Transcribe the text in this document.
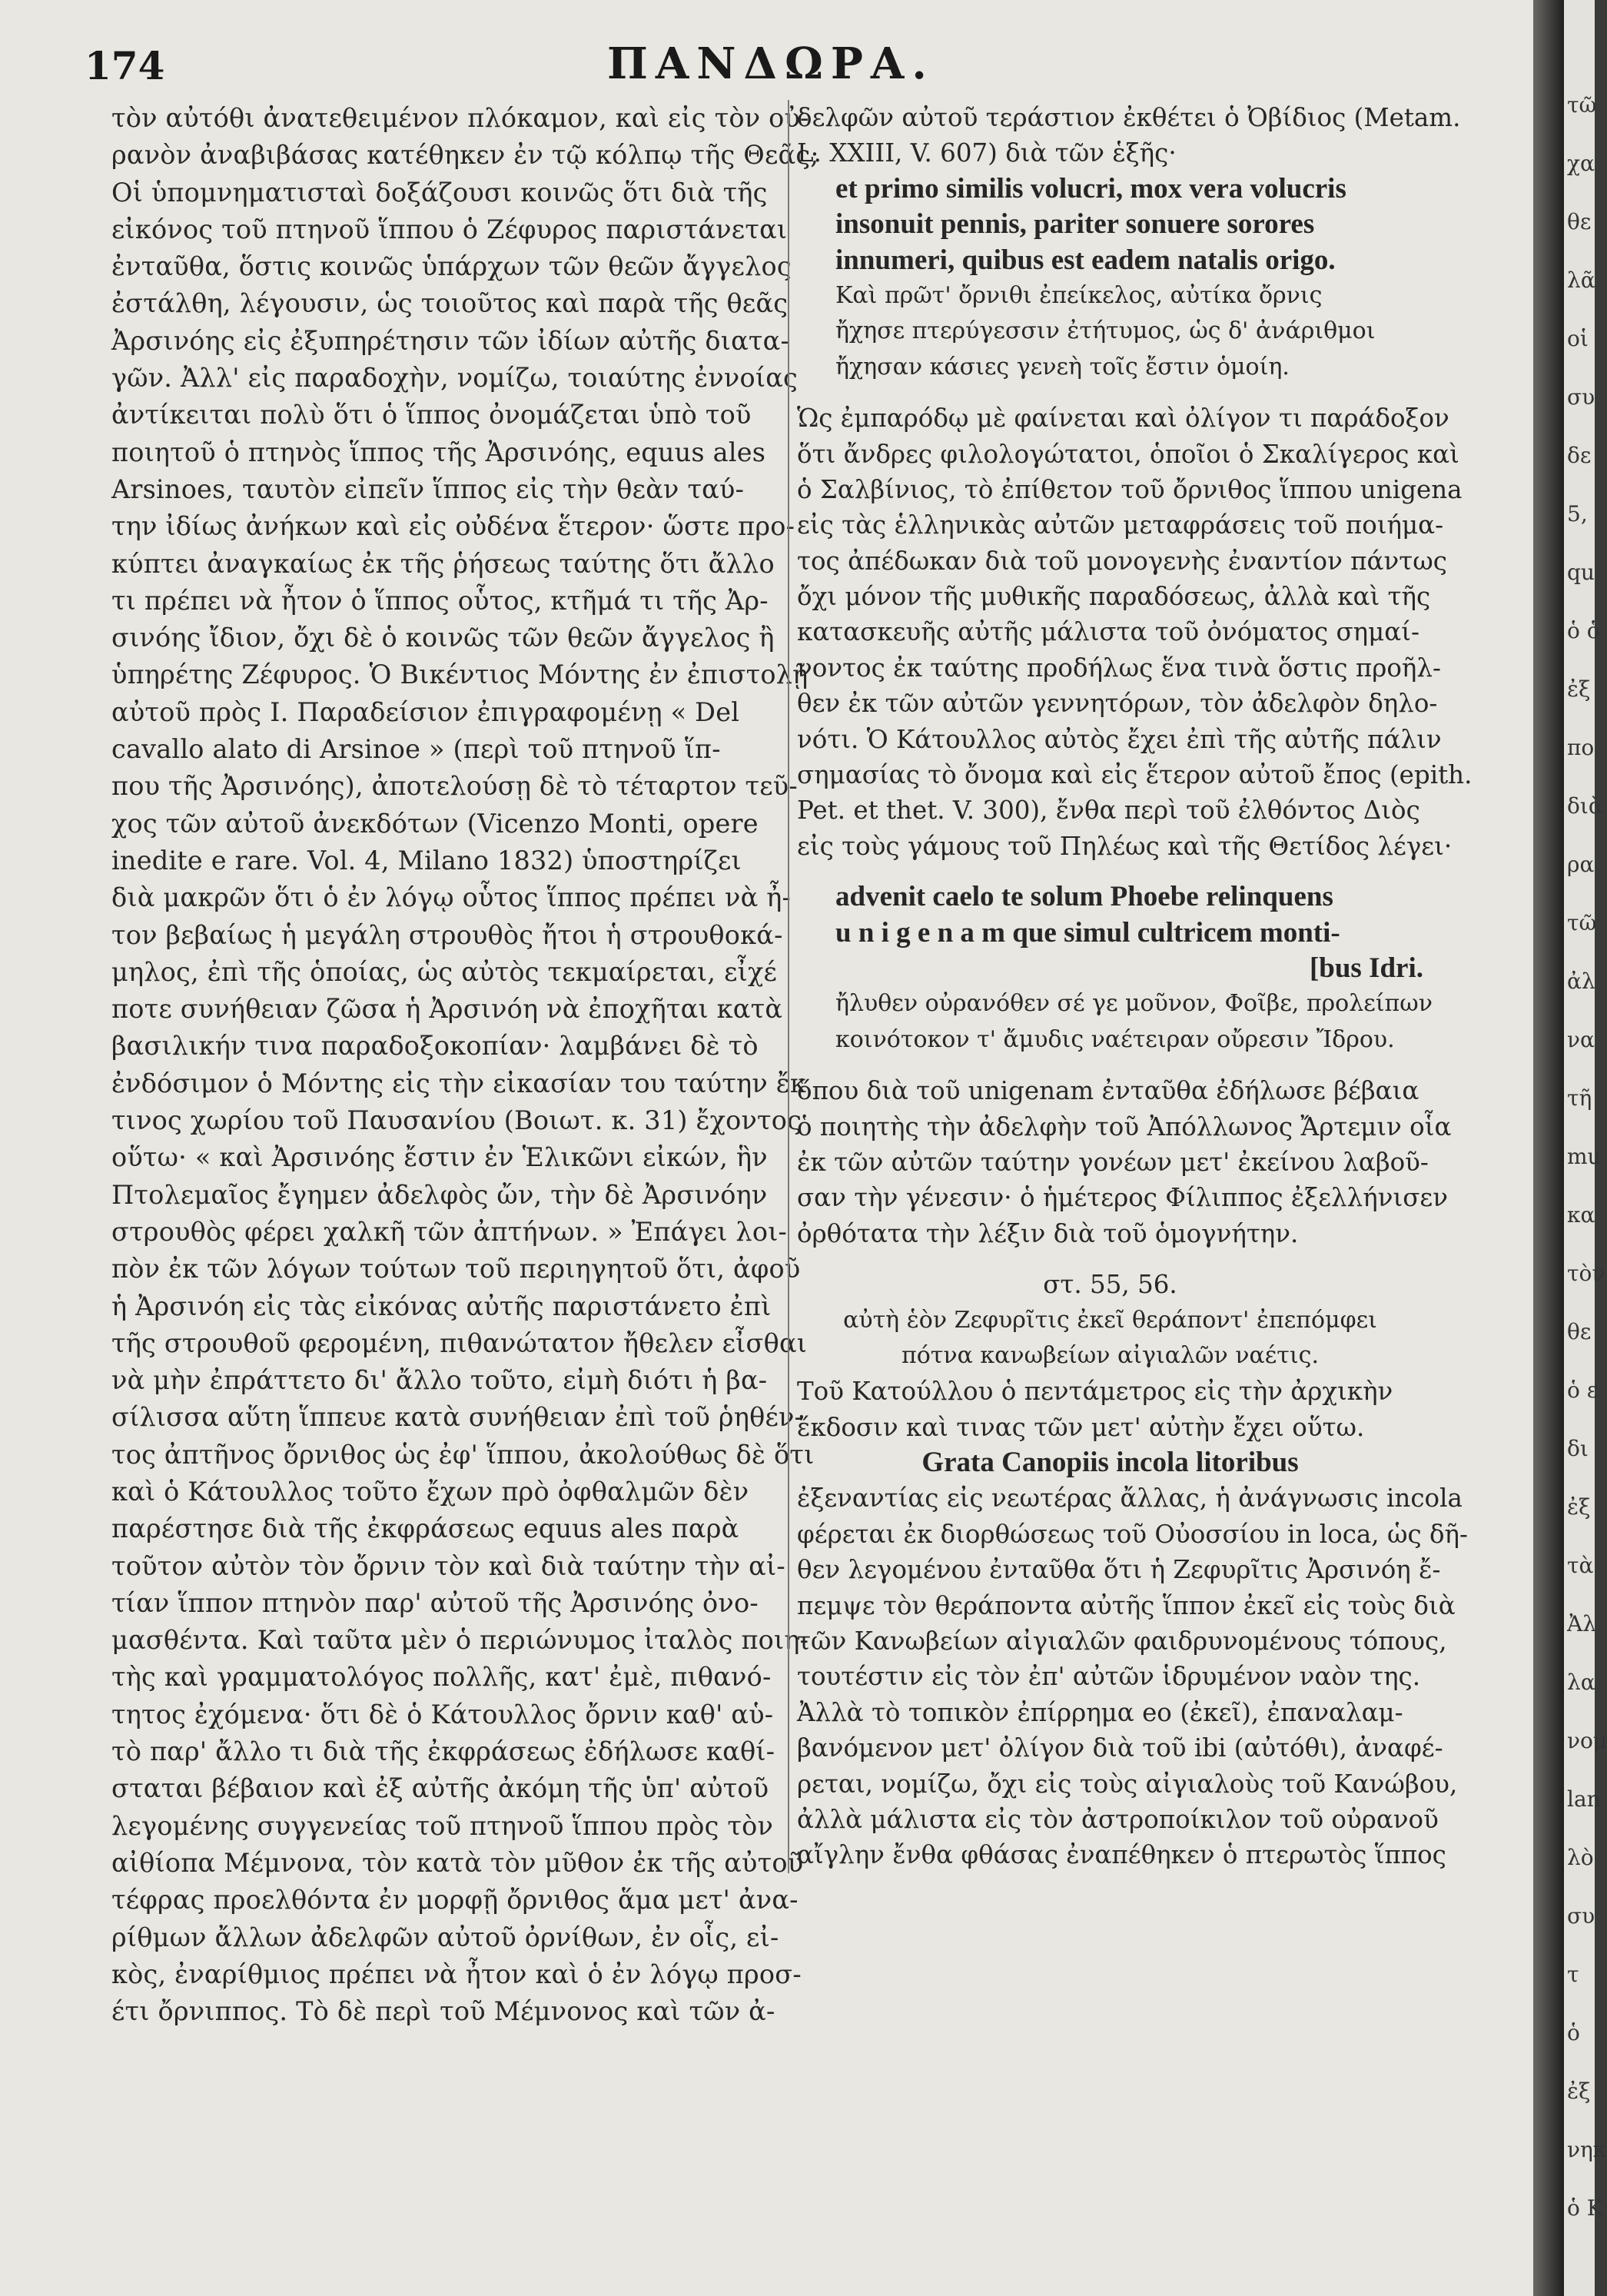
174	ΠΑΝΔΩΡΑ.
τὸν αὐτόθι ἀνατεθειμένον πλόκαμον, καὶ εἰς τὸν οὐ-
ρανὸν ἀναβιβάσας κατέθηκεν ἐν τῷ κόλπῳ τῆς Θεᾶς;
Οἱ ὑπομνηματισταὶ δοξάζουσι κοινῶς ὅτι διὰ τῆς
εἰκόνος τοῦ πτηνοῦ ἵππου ὁ Ζέφυρος παριστάνεται
ἐνταῦθα, ὅστις κοινῶς ὑπάρχων τῶν θεῶν ἄγγελος
ἐστάλθη, λέγουσιν, ὡς τοιοῦτος καὶ παρὰ τῆς θεᾶς
Ἀρσινόης εἰς ἐξυπηρέτησιν τῶν ἰδίων αὐτῆς διατα-
γῶν. Ἀλλ' εἰς παραδοχὴν, νομίζω, τοιαύτης ἐννοίας
ἀντίκειται πολὺ ὅτι ὁ ἵππος ὀνομάζεται ὑπὸ τοῦ
ποιητοῦ ὁ πτηνὸς ἵππος τῆς Ἀρσινόης, equus ales
Arsinoes, ταυτὸν εἰπεῖν ἵππος εἰς τὴν θεὰν ταύ-
την ἰδίως ἀνήκων καὶ εἰς οὐδένα ἕτερον· ὥστε προ-
κύπτει ἀναγκαίως ἐκ τῆς ῥήσεως ταύτης ὅτι ἄλλο
τι πρέπει νὰ ἦτον ὁ ἵππος οὗτος, κτῆμά τι τῆς Ἀρ-
σινόης ἴδιον, ὄχι δὲ ὁ κοινῶς τῶν θεῶν ἄγγελος ἢ
ὑπηρέτης Ζέφυρος. Ὁ Βικέντιος Μόντης ἐν ἐπιστολῇ
αὐτοῦ πρὸς Ι. Παραδείσιον ἐπιγραφομένῃ « Del
cavallo alato di Arsinoe » (περὶ τοῦ πτηνοῦ ἵπ-
που τῆς Ἀρσινόης), ἀποτελούσῃ δὲ τὸ τέταρτον τεῦ-
χος τῶν αὐτοῦ ἀνεκδότων (Vicenzo Monti, opere
inedite e rare. Vol. 4, Milano 1832) ὑποστηρίζει
διὰ μακρῶν ὅτι ὁ ἐν λόγῳ οὗτος ἵππος πρέπει νὰ ἦ-
τον βεβαίως ἡ μεγάλη στρουθὸς ἤτοι ἡ στρουθοκά-
μηλος, ἐπὶ τῆς ὁποίας, ὡς αὐτὸς τεκμαίρεται, εἶχέ
ποτε συνήθειαν ζῶσα ἡ Ἀρσινόη νὰ ἐποχῆται κατὰ
βασιλικήν τινα παραδοξοκοπίαν· λαμβάνει δὲ τὸ
ἐνδόσιμον ὁ Μόντης εἰς τὴν εἰκασίαν του ταύτην ἔκ
τινος χωρίου τοῦ Παυσανίου (Βοιωτ. κ. 31) ἔχοντος
οὕτω· « καὶ Ἀρσινόης ἔστιν ἐν Ἑλικῶνι εἰκών, ἣν
Πτολεμαῖος ἔγημεν ἀδελφὸς ὤν, τὴν δὲ Ἀρσινόην
στρουθὸς φέρει χαλκῆ τῶν ἀπτήνων. » Ἐπάγει λοι-
πὸν ἐκ τῶν λόγων τούτων τοῦ περιηγητοῦ ὅτι, ἀφοῦ
ἡ Ἀρσινόη εἰς τὰς εἰκόνας αὐτῆς παριστάνετο ἐπὶ
τῆς στρουθοῦ φερομένη, πιθανώτατον ἤθελεν εἶσθαι
νὰ μὴν ἐπράττετο δι' ἄλλο τοῦτο, εἰμὴ διότι ἡ βα-
σίλισσα αὕτη ἵππευε κατὰ συνήθειαν ἐπὶ τοῦ ῥηθέν-
τος ἀπτῆνος ὄρνιθος ὡς ἐφ' ἵππου, ἀκολούθως δὲ ὅτι
καὶ ὁ Κάτουλλος τοῦτο ἔχων πρὸ ὀφθαλμῶν δὲν
παρέστησε διὰ τῆς ἐκφράσεως equus ales παρὰ
τοῦτον αὐτὸν τὸν ὄρνιν τὸν καὶ διὰ ταύτην τὴν αἰ-
τίαν ἵππον πτηνὸν παρ' αὐτοῦ τῆς Ἀρσινόης ὀνο-
μασθέντα. Καὶ ταῦτα μὲν ὁ περιώνυμος ἰταλὸς ποιη-
τὴς καὶ γραμματολόγος πολλῆς, κατ' ἐμὲ, πιθανό-
τητος ἐχόμενα· ὅτι δὲ ὁ Κάτουλλος ὄρνιν καθ' αὑ-
τὸ παρ' ἄλλο τι διὰ τῆς ἐκφράσεως ἐδήλωσε καθί-
σταται βέβαιον καὶ ἐξ αὐτῆς ἀκόμη τῆς ὑπ' αὐτοῦ
λεγομένης συγγενείας τοῦ πτηνοῦ ἵππου πρὸς τὸν
αἰθίοπα Μέμνονα, τὸν κατὰ τὸν μῦθον ἐκ τῆς αὐτοῦ
τέφρας προελθόντα ἐν μορφῇ ὄρνιθος ἅμα μετ' ἀνα-
ρίθμων ἄλλων ἀδελφῶν αὐτοῦ ὀρνίθων, ἐν οἷς, εἰ-
κὸς, ἐναρίθμιος πρέπει νὰ ἦτον καὶ ὁ ἐν λόγῳ προσ-
έτι ὄρνιππος. Τὸ δὲ περὶ τοῦ Μέμνονος καὶ τῶν ἀ-
δελφῶν αὐτοῦ τεράστιον ἐκθέτει ὁ Ὀβίδιος (Metam.
L. XXIII, V. 607) διὰ τῶν ἑξῆς·
et primo similis volucri, mox vera volucris
insonuit pennis, pariter sonuere sorores
innumeri, quibus est eadem natalis origo.
Καὶ πρῶτ' ὄρνιθι ἐπείκελος, αὐτίκα ὄρνις
ἤχησε πτερύγεσσιν ἐτήτυμος, ὡς δ' ἀνάριθμοι
ἤχησαν κάσιες γενεὴ τοῖς ἔστιν ὁμοίη.
Ὡς ἐμπαρόδῳ μὲ φαίνεται καὶ ὀλίγον τι παράδοξον
ὅτι ἄνδρες φιλολογώτατοι, ὁποῖοι ὁ Σκαλίγερος καὶ
ὁ Σαλβίνιος, τὸ ἐπίθετον τοῦ ὄρνιθος ἵππου unigena
εἰς τὰς ἑλληνικὰς αὐτῶν μεταφράσεις τοῦ ποιήμα-
τος ἀπέδωκαν διὰ τοῦ μονογενὴς ἐναντίον πάντως
ὄχι μόνον τῆς μυθικῆς παραδόσεως, ἀλλὰ καὶ τῆς
κατασκευῆς αὐτῆς μάλιστα τοῦ ὀνόματος σημαί-
νοντος ἐκ ταύτης προδήλως ἕνα τινὰ ὅστις προῆλ-
θεν ἐκ τῶν αὐτῶν γεννητόρων, τὸν ἀδελφὸν δηλο-
νότι. Ὁ Κάτουλλος αὐτὸς ἔχει ἐπὶ τῆς αὐτῆς πάλιν
σημασίας τὸ ὄνομα καὶ εἰς ἕτερον αὐτοῦ ἔπος (epith.
Pet. et thet. V. 300), ἔνθα περὶ τοῦ ἐλθόντος Διὸς
εἰς τοὺς γάμους τοῦ Πηλέως καὶ τῆς Θετίδος λέγει·
advenit caelo te solum Phoebe relinquens
u n i g e n a m que simul cultricem monti-
[bus Idri.
ἤλυθεν οὐρανόθεν σέ γε μοῦνον, Φοῖβε, προλείπων
κοινότοκον τ' ἄμυδις ναέτειραν οὔρεσιν Ἴδρου.
ὅπου διὰ τοῦ unigenam ἐνταῦθα ἐδήλωσε βέβαια
ὁ ποιητὴς τὴν ἀδελφὴν τοῦ Ἀπόλλωνος Ἄρτεμιν οἷα
ἐκ τῶν αὐτῶν ταύτην γονέων μετ' ἐκείνου λαβοῦ-
σαν τὴν γένεσιν· ὁ ἡμέτερος Φίλιππος ἐξελλήνισεν
ὀρθότατα τὴν λέξιν διὰ τοῦ ὁμογνήτην.
στ. 55, 56.
αὐτὴ ἑὸν Ζεφυρῖτις ἐκεῖ θεράποντ' ἐπεπόμφει
πότνα κανωβείων αἰγιαλῶν ναέτις.
Τοῦ Κατούλλου ὁ πεντάμετρος εἰς τὴν ἀρχικὴν
ἔκδοσιν καὶ τινας τῶν μετ' αὐτὴν ἔχει οὕτω.
Grata Canopiis incola litoribus
ἐξεναντίας εἰς νεωτέρας ἄλλας, ἡ ἀνάγνωσις incola
φέρεται ἐκ διορθώσεως τοῦ Οὐοσσίου in loca, ὡς δῆ-
θεν λεγομένου ἐνταῦθα ὅτι ἡ Ζεφυρῖτις Ἀρσινόη ἔ-
πεμψε τὸν θεράποντα αὐτῆς ἵππον ἐκεῖ εἰς τοὺς διὰ
τῶν Κανωβείων αἰγιαλῶν φαιδρυνομένους τόπους,
τουτέστιν εἰς τὸν ἐπ' αὐτῶν ἱδρυμένον ναὸν της.
Ἀλλὰ τὸ τοπικὸν ἐπίρρημα eo (ἐκεῖ), ἐπαναλαμ-
βανόμενον μετ' ὀλίγον διὰ τοῦ ibi (αὐτόθι), ἀναφέ-
ρεται, νομίζω, ὄχι εἰς τοὺς αἰγιαλοὺς τοῦ Κανώβου,
ἀλλὰ μάλιστα εἰς τὸν ἀστροποίκιλον τοῦ οὐρανοῦ
αἴγλην ἔνθα φθάσας ἐναπέθηκεν ὁ πτερωτὸς ἵππος
τῶ
χα
θε
λᾶ
οἱ
συ
δε
5,
qu
ὁ ὁ
ἐξ
πο
διὰ
ρα
τῶ
ἀλ
να
τῆ
mu
κα
τὸν
θε
ὁ ε
δι
ἐξ
τὰ
Ἀλ
λα
νομ
lan
λὸ
συ
τ
ὁ
ἐξ
νηκ
ὁ Κ
